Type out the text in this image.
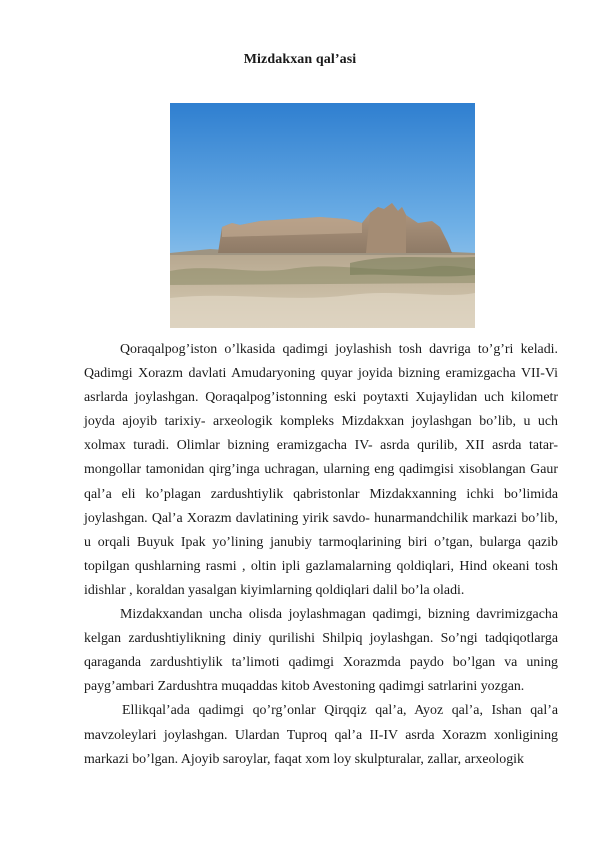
Mizdakxan qal’asi

Qoraqalpog’iston o’lkasida qadimgi joylashish tosh davriga to’g’ri keladi. Qadimgi Xorazm davlati Amudaryoning quyar joyida bizning eramizgacha VII-Vi asrlarda joylashgan. Qoraqalpog’istonning eski poytaxti Xujaylidan uch kilometr joyda ajoyib tarixiy- arxeologik kompleks Mizdakxan joylashgan bo’lib, u uch xolmax turadi. Olimlar bizning eramizgacha IV- asrda qurilib, XII asrda tatar-mongollar tamonidan qirg’inga uchragan, ularning eng qadimgisi xisoblangan Gaur qal’a eli ko’plagan zardushtiylik qabristonlar Mizdakxanning ichki bo’limida joylashgan. Qal’a Xorazm davlatining yirik savdo- hunarmandchilik markazi bo’lib, u orqali Buyuk Ipak yo’lining janubiy tarmoqlarining biri o’tgan, bularga qazib topilgan qushlarning rasmi , oltin ipli gazlamalarning qoldiqlari, Hind okeani tosh idishlar , koraldan yasalgan kiyimlarning qoldiqlari dalil bo’la oladi.

Mizdakxandan uncha olisda joylashmagan qadimgi, bizning davrimizgacha kelgan zardushtiylikning diniy qurilishi Shilpiq joylashgan. So’ngi tadqiqotlarga qaraganda zardushtiylik ta’limoti qadimgi Xorazmda paydo bo’lgan va uning payg’ambari Zardushtra muqaddas kitob Avestoning qadimgi satrlarini yozgan.

Ellikqal’ada qadimgi qo’rg’onlar Qirqqiz qal’a, Ayoz qal’a, Ishan qal’a mavzoleylari joylashgan. Ulardan Tuproq qal’a II-IV asrda Xorazm xonligining markazi bo’lgan. Ajoyib saroylar, faqat xom loy skulpturalar, zallar, arxeologik
